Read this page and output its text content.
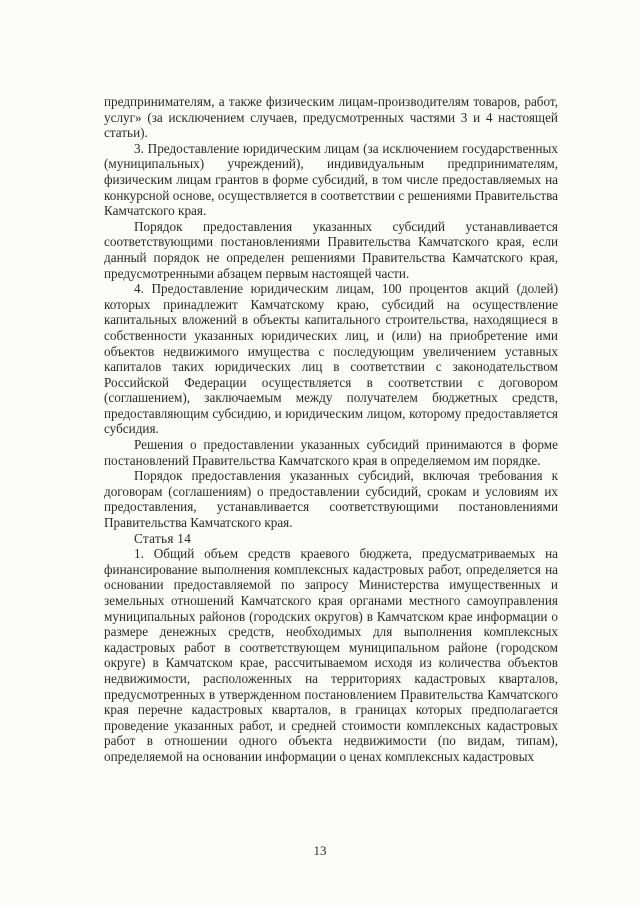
предпринимателям, а также физическим лицам-производителям товаров, работ, услуг» (за исключением случаев, предусмотренных частями 3 и 4 настоящей статьи).

3. Предоставление юридическим лицам (за исключением государственных (муниципальных) учреждений), индивидуальным предпринимателям, физическим лицам грантов в форме субсидий, в том числе предоставляемых на конкурсной основе, осуществляется в соответствии с решениями Правительства Камчатского края.

Порядок предоставления указанных субсидий устанавливается соответствующими постановлениями Правительства Камчатского края, если данный порядок не определен решениями Правительства Камчатского края, предусмотренными абзацем первым настоящей части.

4. Предоставление юридическим лицам, 100 процентов акций (долей) которых принадлежит Камчатскому краю, субсидий на осуществление капитальных вложений в объекты капитального строительства, находящиеся в собственности указанных юридических лиц, и (или) на приобретение ими объектов недвижимого имущества с последующим увеличением уставных капиталов таких юридических лиц в соответствии с законодательством Российской Федерации осуществляется в соответствии с договором (соглашением), заключаемым между получателем бюджетных средств, предоставляющим субсидию, и юридическим лицом, которому предоставляется субсидия.

Решения о предоставлении указанных субсидий принимаются в форме постановлений Правительства Камчатского края в определяемом им порядке.

Порядок предоставления указанных субсидий, включая требования к договорам (соглашениям) о предоставлении субсидий, срокам и условиям их предоставления, устанавливается соответствующими постановлениями Правительства Камчатского края.

Статья 14

1. Общий объем средств краевого бюджета, предусматриваемых на финансирование выполнения комплексных кадастровых работ, определяется на основании предоставляемой по запросу Министерства имущественных и земельных отношений Камчатского края органами местного самоуправления муниципальных районов (городских округов) в Камчатском крае информации о размере денежных средств, необходимых для выполнения комплексных кадастровых работ в соответствующем муниципальном районе (городском округе) в Камчатском крае, рассчитываемом исходя из количества объектов недвижимости, расположенных на территориях кадастровых кварталов, предусмотренных в утвержденном постановлением Правительства Камчатского края перечне кадастровых кварталов, в границах которых предполагается проведение указанных работ, и средней стоимости комплексных кадастровых работ в отношении одного объекта недвижимости (по видам, типам), определяемой на основании информации о ценах комплексных кадастровых

13
